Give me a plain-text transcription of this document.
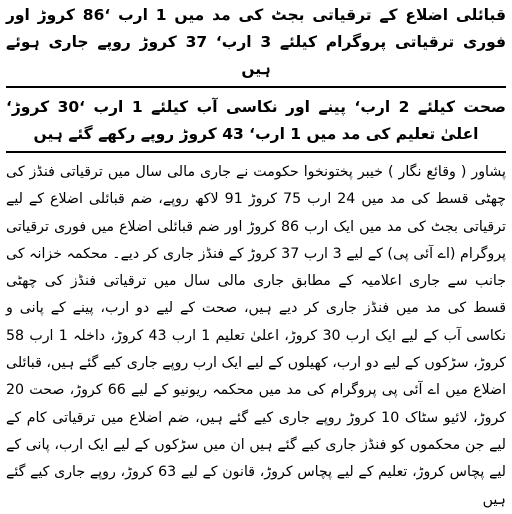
قبائلی اضلاع کے ترقیاتی بجٹ کی مد میں 1 ارب ‘86 کروڑ اور فوری ترقیاتی پروگرام کیلئے 3 ارب‘ 37 کروڑ روپے جاری ہوئے ہیں

صحت کیلئے 2 ارب‘ پینے اور نکاسی آب کیلئے 1 ارب ‘30 کروڑ‘ اعلیٰ تعلیم کی مد میں 1 ارب‘ 43 کروڑ روپے رکھے گئے ہیں

پشاور ( وقائع نگار ) خیبر پختونخوا حکومت نے جاری مالی سال میں ترقیاتی فنڈز کی چھٹی قسط کی مد میں 24 ارب 75 کروڑ 91 لاکھ روپے، ضم قبائلی اضلاع کے لیے ترقیاتی بجٹ کی مد میں ایک ارب 86 کروڑ اور ضم قبائلی اضلاع میں فوری ترقیاتی پروگرام (اے آئی پی) کے لیے 3 ارب 37 کروڑ کے فنڈز جاری کر دیے۔ محکمہ خزانہ کی جانب سے جاری اعلامیہ کے مطابق جاری مالی سال میں ترقیاتی فنڈز کی چھٹی قسط کی مد میں فنڈز جاری کر دیے ہیں، صحت کے لیے دو ارب، پینے کے پانی و نکاسی آب کے لیے ایک ارب 30 کروڑ، اعلیٰ تعلیم 1 ارب 43 کروڑ، داخلہ 1 ارب 58 کروڑ، سڑکوں کے لیے دو ارب، کھیلوں کے لیے ایک ارب روپے جاری کیے گئے ہیں، قبائلی اضلاع میں اے آئی پی پروگرام کی مد میں محکمہ ریونیو کے لیے 66 کروڑ، صحت 20 کروڑ، لائیو سٹاک 10 کروڑ روپے جاری کیے گئے ہیں، ضم اضلاع میں ترقیاتی کام کے لیے جن محکموں کو فنڈز جاری کیے گئے ہیں ان میں سڑکوں کے لیے ایک ارب، پانی کے لیے پچاس کروڑ، تعلیم کے لیے پچاس کروڑ، قانون کے لیے 63 کروڑ، روپے جاری کیے گئے ہیں
